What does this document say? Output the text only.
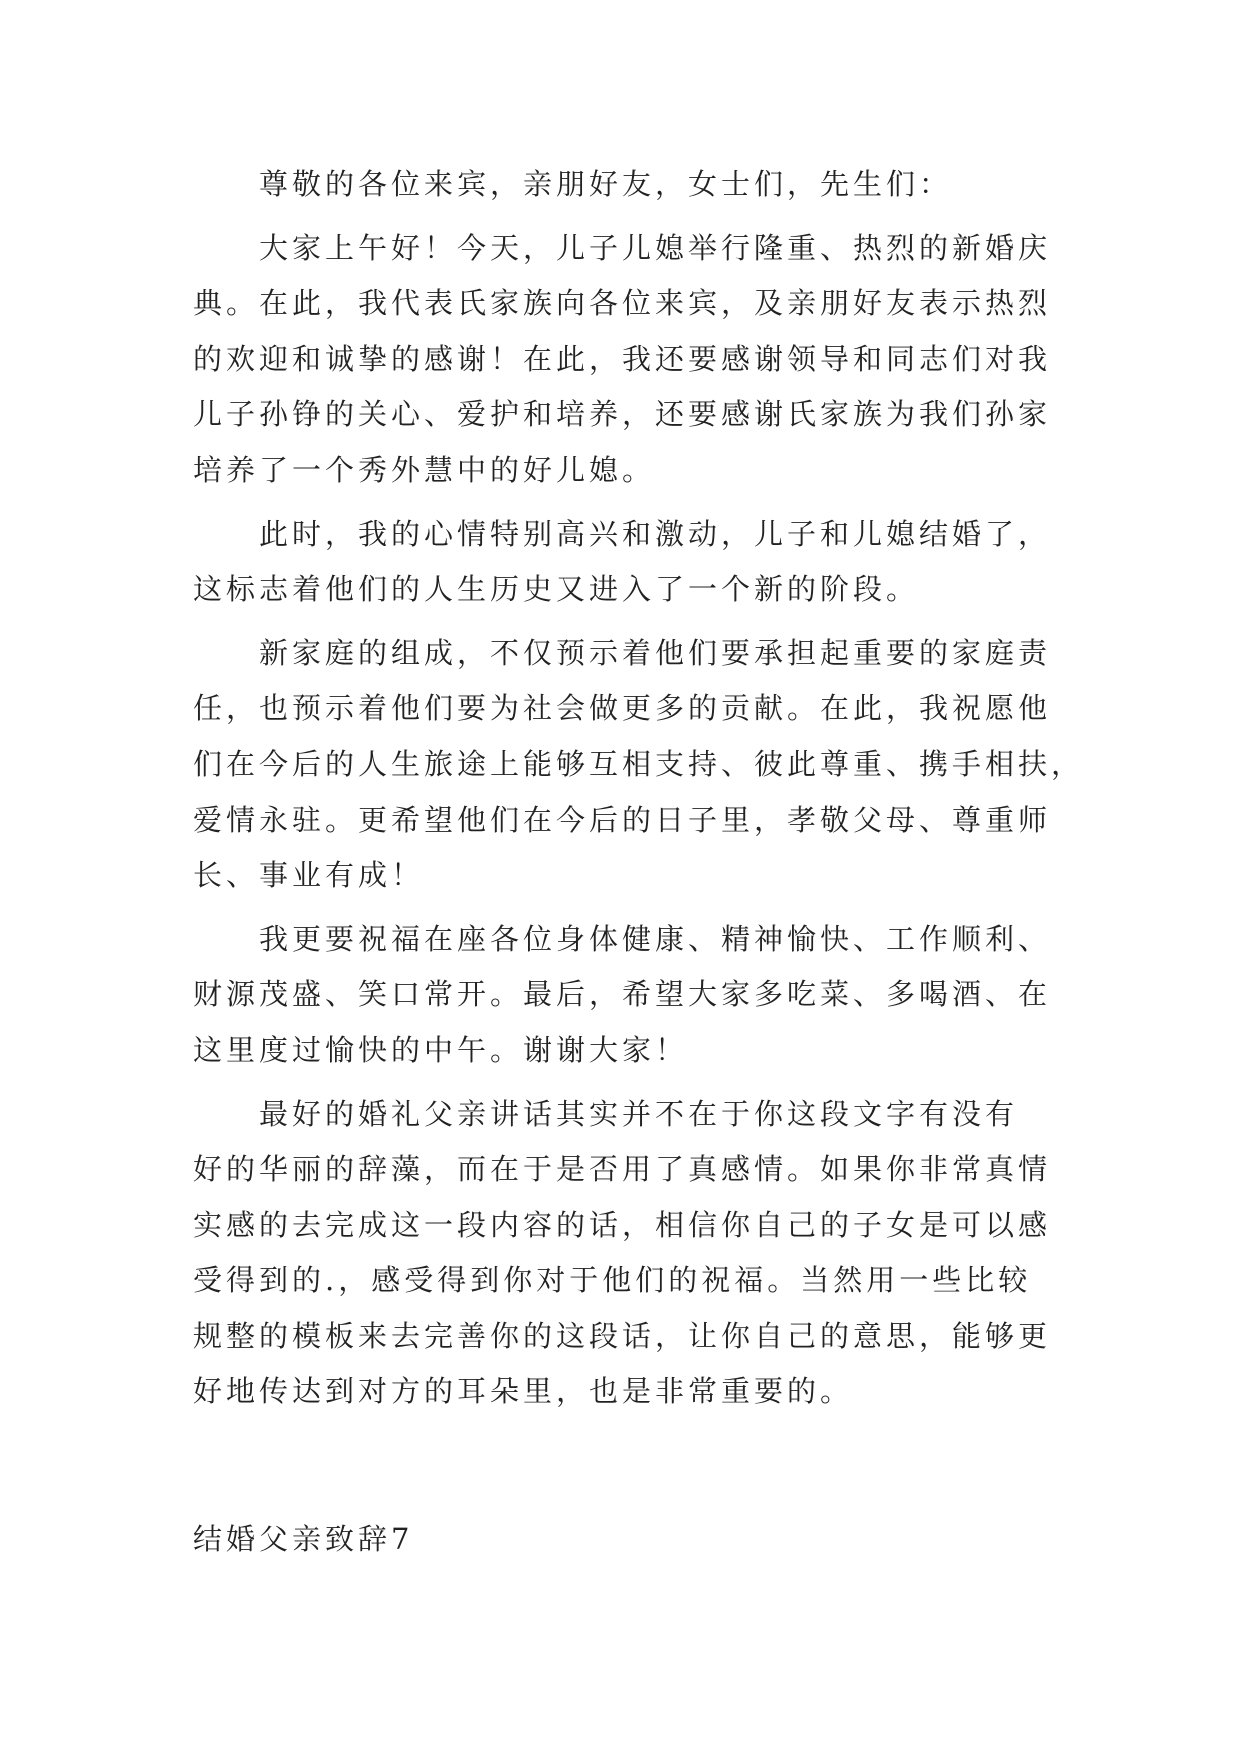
尊敬的各位来宾，亲朋好友，女士们，先生们：
大家上午好！今天，儿子儿媳举行隆重、热烈的新婚庆
典。在此，我代表氏家族向各位来宾，及亲朋好友表示热烈
的欢迎和诚挚的感谢！在此，我还要感谢领导和同志们对我
儿子孙铮的关心、爱护和培养，还要感谢氏家族为我们孙家
培养了一个秀外慧中的好儿媳。
此时，我的心情特别高兴和激动，儿子和儿媳结婚了，
这标志着他们的人生历史又进入了一个新的阶段。
新家庭的组成，不仅预示着他们要承担起重要的家庭责
任，也预示着他们要为社会做更多的贡献。在此，我祝愿他
们在今后的人生旅途上能够互相支持、彼此尊重、携手相扶，
爱情永驻。更希望他们在今后的日子里，孝敬父母、尊重师
长、事业有成！
我更要祝福在座各位身体健康、精神愉快、工作顺利、
财源茂盛、笑口常开。最后，希望大家多吃菜、多喝酒、在
这里度过愉快的中午。谢谢大家！
最好的婚礼父亲讲话其实并不在于你这段文字有没有
好的华丽的辞藻，而在于是否用了真感情。如果你非常真情
实感的去完成这一段内容的话，相信你自己的子女是可以感
受得到的.，感受得到你对于他们的祝福。当然用一些比较
规整的模板来去完善你的这段话，让你自己的意思，能够更
好地传达到对方的耳朵里，也是非常重要的。
结婚父亲致辞7
